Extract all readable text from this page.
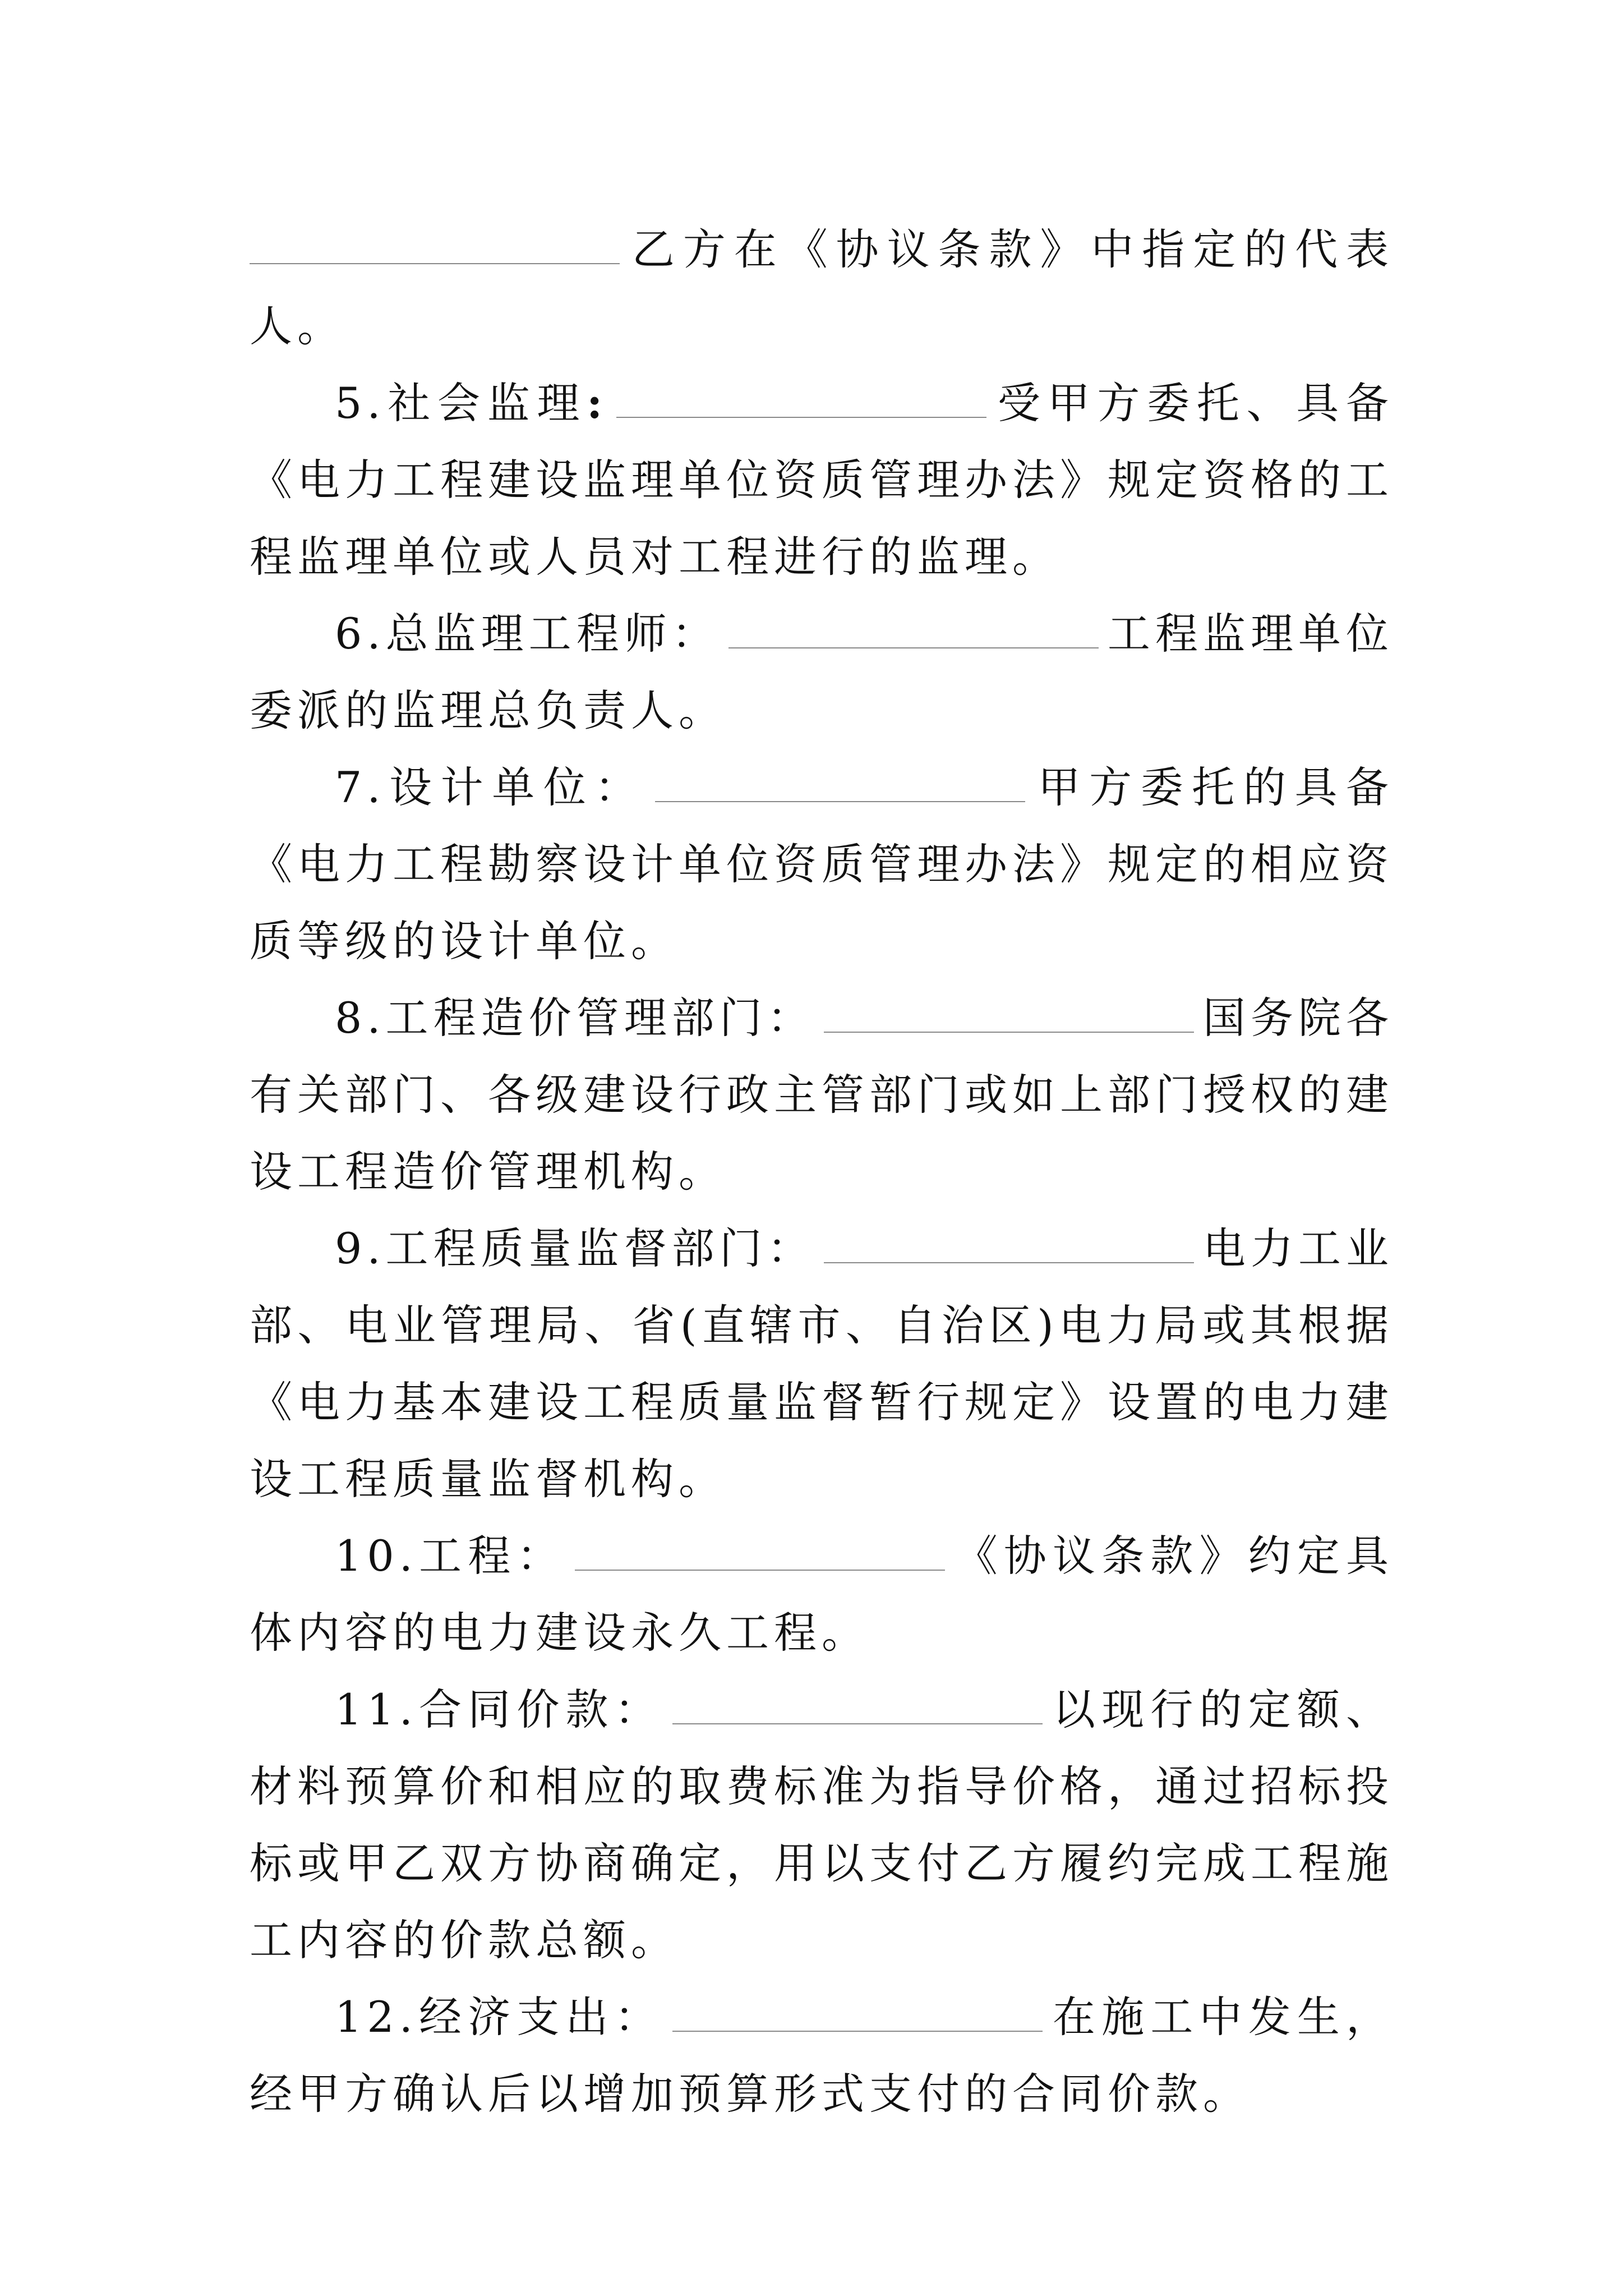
乙方在《协议条款》中指定的代表人。

5.社会监理:	受甲方委托、具备《电力工程建设监理单位资质管理办法》规定资格的工程监理单位或人员对工程进行的监理。

6.总监理工程师：	工程监理单位委派的监理总负责人。

7.设计单位：	甲方委托的具备《电力工程勘察设计单位资质管理办法》规定的相应资质等级的设计单位。

8.工程造价管理部门：	国务院各有关部门、各级建设行政主管部门或如上部门授权的建设工程造价管理机构。

9.工程质量监督部门：	电力工业部、电业管理局、省(直辖市、自治区)电力局或其根据《电力基本建设工程质量监督暂行规定》设置的电力建设工程质量监督机构。

10.工程：	《协议条款》约定具体内容的电力建设永久工程。

11.合同价款：	以现行的定额、材料预算价和相应的取费标准为指导价格，通过招标投标或甲乙双方协商确定，用以支付乙方履约完成工程施工内容的价款总额。

12.经济支出：	在施工中发生，经甲方确认后以增加预算形式支付的合同价款。
